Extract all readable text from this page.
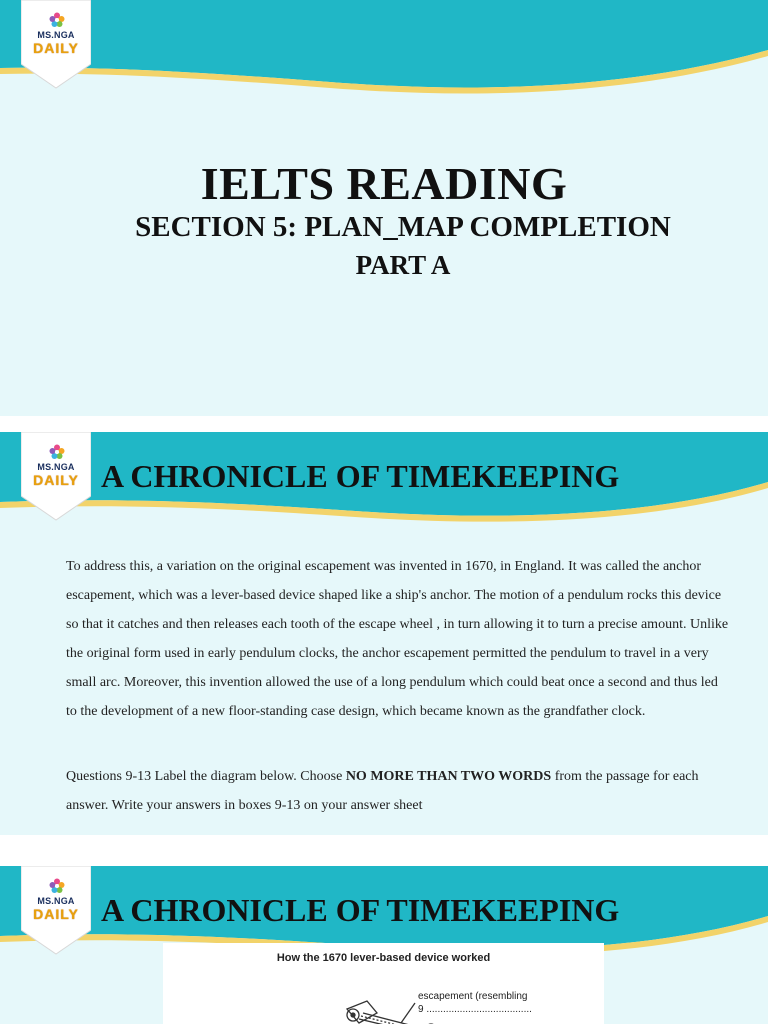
MS.NGA
DAILY
IELTS READING
SECTION 5: PLAN_MAP COMPLETION
PART A
MS.NGA
DAILY A CHRONICLE OF TIMEKEEPING
To address this, a variation on the original escapement was invented in 1670, in England. It was called the anchor escapement, which was a lever-based device shaped like a ship's anchor. The motion of a pendulum rocks this device so that it catches and then releases each tooth of the escape wheel , in turn allowing it to turn a precise amount. Unlike the original form used in early pendulum clocks, the anchor escapement permitted the pendulum to travel in a very small arc. Moreover, this invention allowed the use of a long pendulum which could beat once a second and thus led to the development of a new floor-standing case design, which became known as the grandfather clock.
Questions 9-13 Label the diagram below. Choose NO MORE THAN TWO WORDS from the passage for each answer. Write your answers in boxes 9-13 on your answer sheet
MS.NGA
DAILY A CHRONICLE OF TIMEKEEPING
How the 1670 lever-based device worked
escapement (resembling
9 ......................................
